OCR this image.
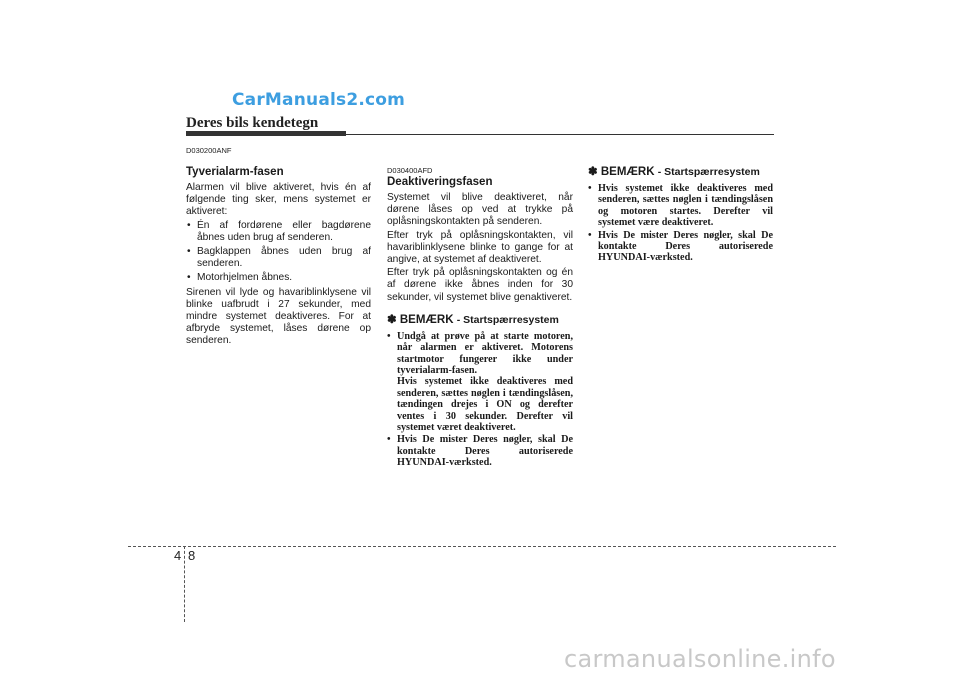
CarManuals2.com
Deres bils kendetegn
D030200ANF
Tyverialarm-fasen

Alarmen vil blive aktiveret, hvis én af følgende ting sker, mens systemet er aktiveret:

• Én af fordørene eller bagdørene åbnes uden brug af senderen.
• Bagklappen åbnes uden brug af senderen.
• Motorhjelmen åbnes.

Sirenen vil lyde og havariblinklysene vil blinke uafbrudt i 27 sekunder, med mindre systemet deaktiveres. For at afbryde systemet, låses dørene op senderen.

D030400AFD
Deaktiveringsfasen

Systemet vil blive deaktiveret, når dørene låses op ved at trykke på oplåsningskontakten på senderen.

Efter tryk på oplåsningskontakten, vil havariblinklysene blinke to gange for at angive, at systemet af deaktiveret.

Efter tryk på oplåsningskontakten og én af dørene ikke åbnes inden for 30 sekunder, vil systemet blive genaktiveret.

✽ BEMÆRK - Startspærresystem
• Undgå at prøve på at starte motoren, når alarmen er aktiveret. Motorens startmotor fungerer ikke under tyverialarm-fasen.
Hvis systemet ikke deaktiveres med senderen, sættes nøglen i tændingslåsen, tændingen drejes i ON og derefter ventes i 30 sekunder. Derefter vil systemet været deaktiveret.
• Hvis De mister Deres nøgler, skal De kontakte Deres autoriserede HYUNDAI-værksted.
✽ BEMÆRK - Startspærresystem
• Hvis systemet ikke deaktiveres med senderen, sættes nøglen i tændingslåsen og motoren startes. Derefter vil systemet være deaktiveret.
• Hvis De mister Deres nøgler, skal De kontakte Deres autoriserede HYUNDAI-værksted.
4 8
carmanualsonline.info
